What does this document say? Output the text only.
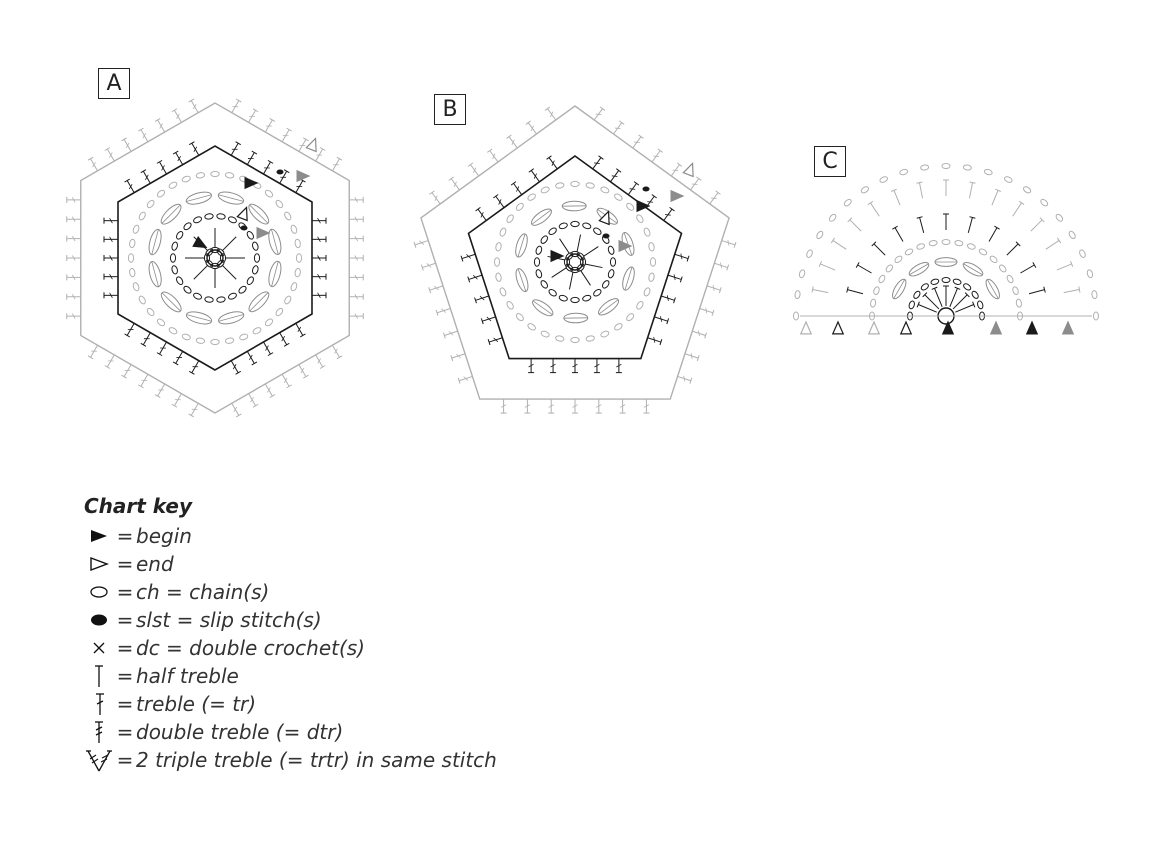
A
B
C
Chart key
= begin
= end
= ch = chain(s)
= slst = slip stitch(s)
= dc = double crochet(s)
= half treble
= treble (= tr)
= double treble (= dtr)
= 2 triple treble (= trtr) in same stitch
